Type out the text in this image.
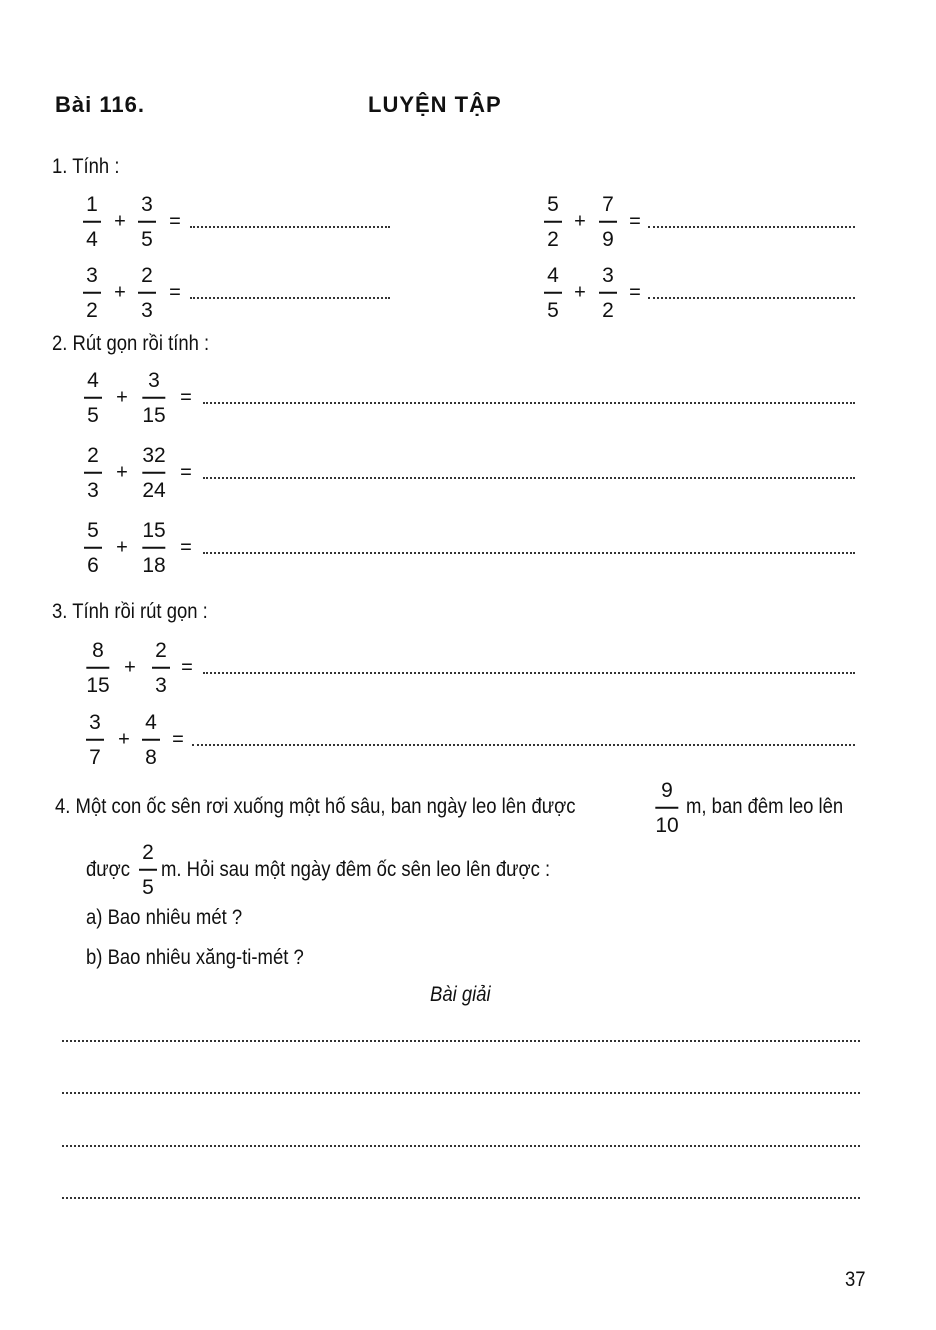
Bài 116.	LUYỆN TẬP
1. Tính :
2. Rút gọn rồi tính :
3. Tính rồi rút gọn :
1
4
+
3
5
=
5
2
+
7
9
=
3
2
+
2
3
=
4
5
+
3
2
=
4
5
+
3
15
=
2
3
+
32
24
=
5
6
+
15
18
=
8
15
+
2
3
=
3
7
+
4
8
=
4. Một con ốc sên rơi xuống một hố sâu, ban ngày leo lên được
9
10
m, ban đêm leo lên
được
2
5
m. Hỏi sau một ngày đêm ốc sên leo lên được :
a) Bao nhiêu mét ?
b) Bao nhiêu xăng-ti-mét ?
Bài giải
37
